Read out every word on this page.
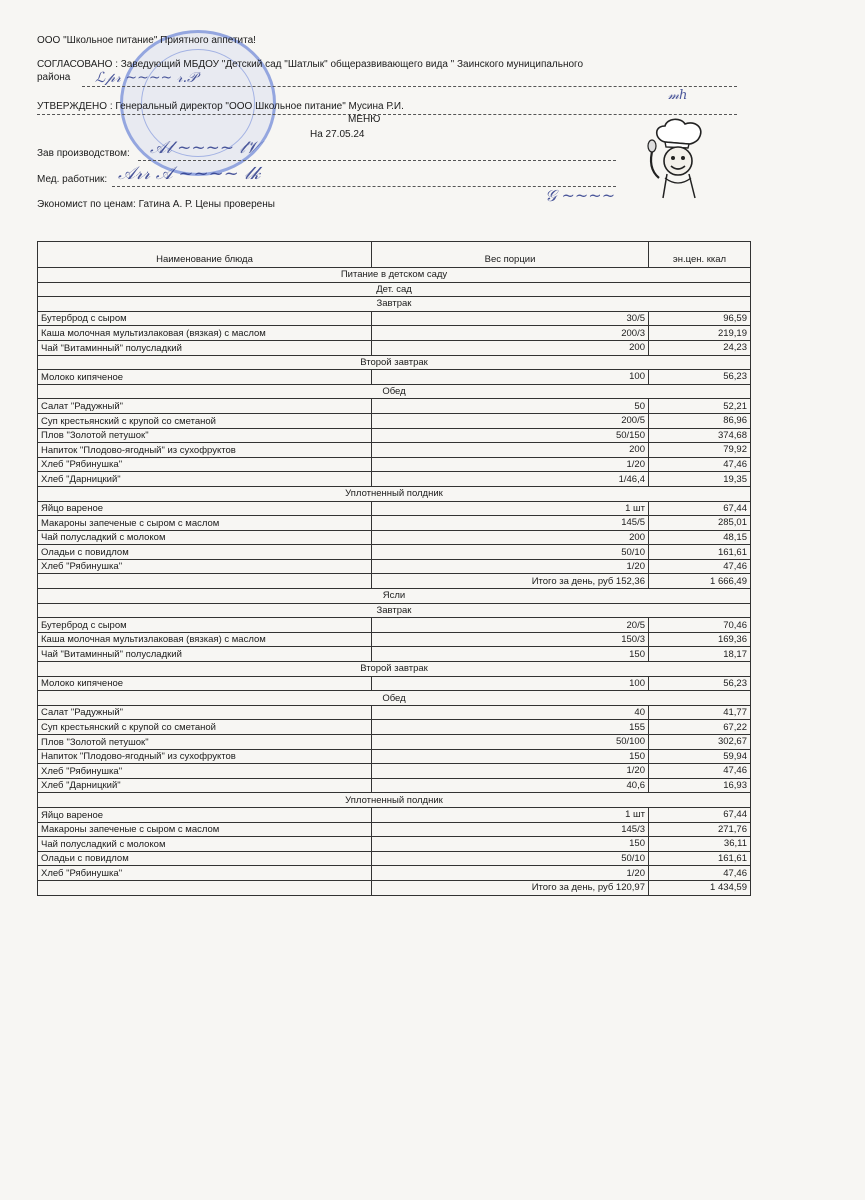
ООО "Школьное питание" Приятного аппетита!
СОГЛАСОВАНО : Заведующий МБДОУ "Детский сад "Шатлык" общеразвивающего вида " Заинского муниципального
района ℒ𝓅𝓇 ~~~~ 𝓇.𝒫
УТВЕРЖДЕНО : Генеральный директор "ООО Школьное питание" Мусина Р.И.
𝓂ℎ
МЕНЮ
На 27.05.24
Зав производством: 𝒜𝓁 ~~~~ 𝓁𝒱
Мед. работник: 𝒜𝓇𝓇 𝒜 ~~~~ 𝓁𝓀
Экономист по ценам: Гатина А. Р. Цены проверены	𝒢 ~~~~
Наименование блюда	Вес порции	эн.цен. ккал
Питание в детском саду		
Дет. сад		
Завтрак		
Бутерброд с сыром	30/5	96,59
Каша молочная мультизлаковая (вязкая) с маслом	200/3	219,19
Чай "Витаминный" полусладкий	200	24,23
Второй завтрак		
Молоко кипяченое	100	56,23
Обед		
Салат "Радужный"	50	52,21
Суп крестьянский с крупой со сметаной	200/5	86,96
Плов "Золотой петушок"	50/150	374,68
Напиток "Плодово-ягодный" из сухофруктов	200	79,92
Хлеб "Рябинушка"	1/20	47,46
Хлеб "Дарницкий"	1/46,4	19,35
Уплотненный полдник		
Яйцо вареное	1 шт	67,44
Макароны запеченые с сыром с маслом	145/5	285,01
Чай полусладкий с молоком	200	48,15
Оладьи с повидлом	50/10	161,61
Хлеб "Рябинушка"	1/20	47,46
	Итого за день, руб 152,36	1 666,49
Ясли		
Завтрак		
Бутерброд с сыром	20/5	70,46
Каша молочная мультизлаковая (вязкая) с маслом	150/3	169,36
Чай "Витаминный" полусладкий	150	18,17
Второй завтрак		
Молоко кипяченое	100	56,23
Обед		
Салат "Радужный"	40	41,77
Суп крестьянский с крупой со сметаной	155	67,22
Плов "Золотой петушок"	50/100	302,67
Напиток "Плодово-ягодный" из сухофруктов	150	59,94
Хлеб "Рябинушка"	1/20	47,46
Хлеб "Дарницкий"	40,6	16,93
Уплотненный полдник		
Яйцо вареное	1 шт	67,44
Макароны запеченые с сыром с маслом	145/3	271,76
Чай полусладкий с молоком	150	36,11
Оладьи с повидлом	50/10	161,61
Хлеб "Рябинушка"	1/20	47,46
	Итого за день, руб 120,97	1 434,59
